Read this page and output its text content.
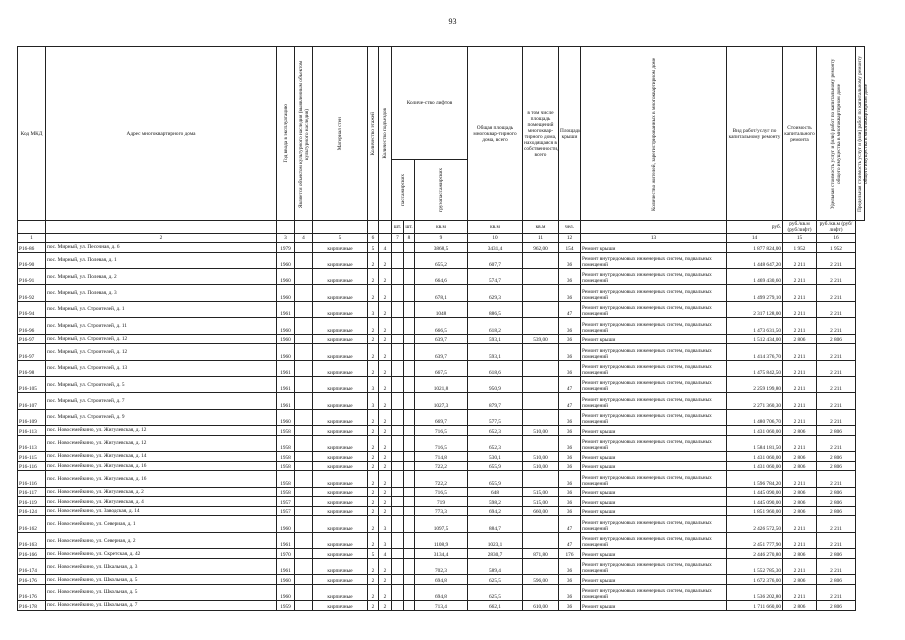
93
Код МКД	Адрес многоквартирного дома	Год ввода в эксплуатацию	Является объектом культурного наследия (выявленным объектом культурного наследия)	Материал стен	Количество этажей	Количество подъездов	Количе-ство лифтов			Общая площадь многоквар-тирного дома, всего	в том числе площадь помещений многоквар-тирного дома, находящаяся в собственности, всего	Площадь крыши	Количество жителей, зарегистрированных в многоквартирном доме	Вид работ/услуг по капитальному ремонту	Стоимость капитального ремонта	Удельная стоимость услуг и (или) работ по капитальному ремонту общего имущества в многоквартирном доме	Предельная стоимость услуг и (или) работ по капитальному ремонту общего имущества в многоквартирном доме

							пассажирских		грузопассажирских								

							шт.	шт.	кв.м	кв.м	кв.м	чел.		руб.	руб./кв.м (руб/лифт)	руб./кв.м (руб/лифт)	
1	2	3	4	5	6		7	8	9	10	11	12	13	14	15	16	
Р16-86	пос. Мирный, ул. Песочная, д. 6	1979		кирпичные	5	4			3868,5	3431,4	962,00	154	Ремонт крыши	1 877 824,00	1 952	1 952	
Р16-90	пос. Мирный, ул. Полевая, д. 1	1960		кирпичные	2	2			655,2	607,7		36	Ремонт внутридомовых инженерных систем, подвальных помещений	1 448 647,20	2 211	2 211	
Р16-91	пос. Мирный, ул. Полевая, д. 2	1960		кирпичные	2	2			664,6	574,7		36	Ремонт внутридомовых инженерных систем, подвальных помещений	1 469 430,60	2 211	2 211	
Р16-92	пос. Мирный, ул. Полевая, д. 3	1960		кирпичные	2	2			678,1	629,3		36	Ремонт внутридомовых инженерных систем, подвальных помещений	1 499 279,10	2 211	2 211	
Р16-94	пос. Мирный, ул. Строителей, д. 1	1961		кирпичные	3	2			1048	886,5		47	Ремонт внутридомовых инженерных систем, подвальных помещений	2 317 128,00	2 211	2 211	
Р16-96	пос. Мирный, ул. Строителей, д. 11	1960		кирпичные	2	2			666,5	618,2		36	Ремонт внутридомовых инженерных систем, подвальных помещений	1 473 631,50	2 211	2 211	
Р16-97	пос. Мирный, ул. Строителей, д. 12	1960		кирпичные	2	2			639,7	593,1	539,00	36	Ремонт крыши	1 512 434,00	2 806	2 806	
Р16-97	пос. Мирный, ул. Строителей, д. 12	1960		кирпичные	2	2			639,7	593,1		36	Ремонт внутридомовых инженерных систем, подвальных помещений	1 414 376,70	2 211	2 211	
Р16-98	пос. Мирный, ул. Строителей, д. 13	1961		кирпичные	2	2			667,5	618,6		36	Ремонт внутридомовых инженерных систем, подвальных помещений	1 475 842,50	2 211	2 211	
Р16-105	пос. Мирный, ул. Строителей, д. 5	1961		кирпичные	3	2			1021,8	950,9		47	Ремонт внутридомовых инженерных систем, подвальных помещений	2 259 199,80	2 211	2 211	
Р16-107	пос. Мирный, ул. Строителей, д. 7	1961		кирпичные	3	2			1027,3	879,7		47	Ремонт внутридомовых инженерных систем, подвальных помещений	2 271 360,30	2 211	2 211	
Р16-109	пос. Мирный, ул. Строителей, д. 9	1960		кирпичные	2	2			669,7	577,5		36	Ремонт внутридомовых инженерных систем, подвальных помещений	1 480 706,70	2 211	2 211	
Р16-113	пос. Новосемейкино, ул. Жигулевская, д. 12	1958		кирпичные	2	2			716,5	652,3	510,00	36	Ремонт крыши	1 431 060,00	2 806	2 806	
Р16-113	пос. Новосемейкино, ул. Жигулевская, д. 12	1958		кирпичные	2	2			716,5	652,3		36	Ремонт внутридомовых инженерных систем, подвальных помещений	1 584 181,50	2 211	2 211	
Р16-115	пос. Новосемейкино, ул. Жигулевская, д. 14	1958		кирпичные	2	2			714,8	530,1	510,00	36	Ремонт крыши	1 431 060,00	2 806	2 806	
Р16-116	пос. Новосемейкино, ул. Жигулевская, д. 16	1958		кирпичные	2	2			722,2	655,9	510,00	36	Ремонт крыши	1 431 060,00	2 806	2 806	
Р16-116	пос. Новосемейкино, ул. Жигулевская, д. 16	1958		кирпичные	2	2			722,2	655,9		36	Ремонт внутридомовых инженерных систем, подвальных помещений	1 596 784,20	2 211	2 211	
Р16-117	пос. Новосемейкино, ул. Жигулевская, д. 2	1958		кирпичные	2	2			716,5	648	515,00	36	Ремонт крыши	1 445 090,00	2 806	2 806	
Р16-119	пос. Новосемейкино, ул. Жигулевская, д. 4	1957		кирпичные	2	2			719	598,2	515,00	36	Ремонт крыши	1 445 090,00	2 806	2 806	
Р16-124	пос. Новосемейкино, ул. Заводская, д. 14	1957		кирпичные	2	2			773,3	694,2	660,00	36	Ремонт крыши	1 851 960,00	2 806	2 806	
Р16-162	пос. Новосемейкино, ул. Севериая, д. 1	1960		кирпичные	2	3			1097,5	884,7		47	Ремонт внутридомовых инженерных систем, подвальных помещений	2 426 572,50	2 211	2 211	
Р16-163	пос. Новосемейкино, ул. Северная, д. 2	1961		кирпичные	2	3			1108,9	1023,1		47	Ремонт внутридомовых инженерных систем, подвальных помещений	2 451 777,90	2 211	2 211	
Р16-166	пос. Новосемейкино, ул. Скретская, д. 42	1970		кирпичные	5	4			3134,4	2830,7	871,80	176	Ремонт крыши	2 446 270,80	2 806	2 806	
Р16-174	пос. Новосемейкино, ул. Шкальная, д. 3	1961		кирпичные	2	2			702,3	589,4		36	Ремонт внутридомовых инженерных систем, подвальных помещений	1 552 785,30	2 211	2 211	
Р16-176	пос. Новосемейкино, ул. Школьная, д. 5	1960		кирпичные	2	2			694,8	625,5	596,00	36	Ремонт крыши	1 672 376,00	2 806	2 806	
Р16-176	пос. Новосемейкино, ул. Школьная, д. 5	1960		кирпичные	2	2			694,8	625,5		36	Ремонт внутридомовых инженерных систем, подвальных помещений	1 536 202,80	2 211	2 211	
Р16-178	пос. Новосемейкино, ул. Школьная, д. 7	1959		кирпичные	2	2			713,4	662,1	610,00	36	Ремонт крыши	1 711 660,00	2 806	2 806	
